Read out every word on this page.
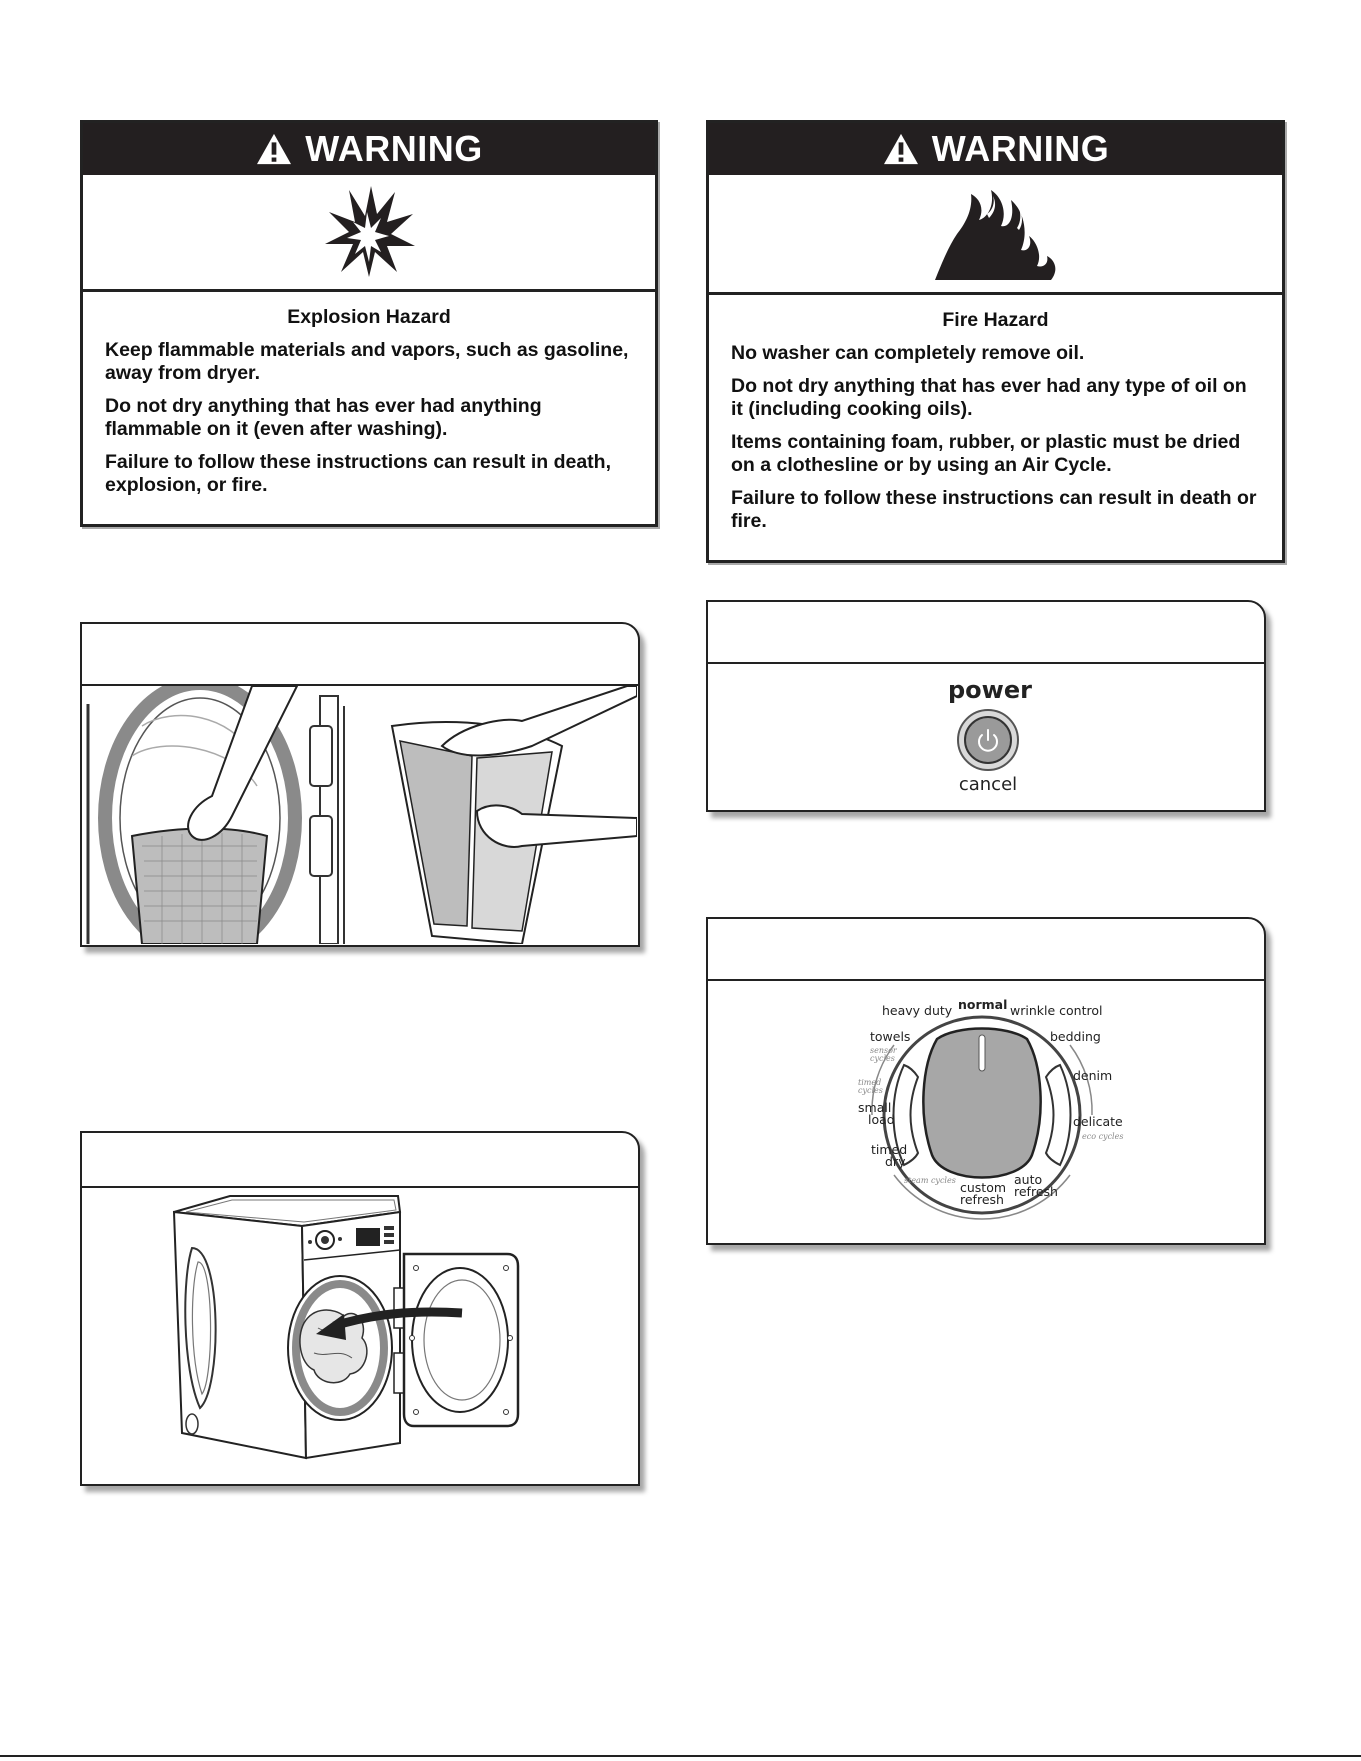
WARNING
Explosion Hazard

Keep flammable materials and vapors, such as gasoline, away from dryer.

Do not dry anything that has ever had anything flammable on it (even after washing).

Failure to follow these instructions can result in death, explosion, or fire.

WARNING
Fire Hazard

No washer can completely remove oil.

Do not dry anything that has ever had any type of oil on it (including cooking oils).

Items containing foam, rubber, or plastic must be dried on a clothesline or by using an Air Cycle.

Failure to follow these instructions can result in death or fire.

power
cancel
heavy duty normal wrinkle control
towels
sensor
cycles
bedding
denim
timed
cycles
small
load	delicate
eco cycles
timed
dry
auto
refresh
steam cycles custom
refresh
